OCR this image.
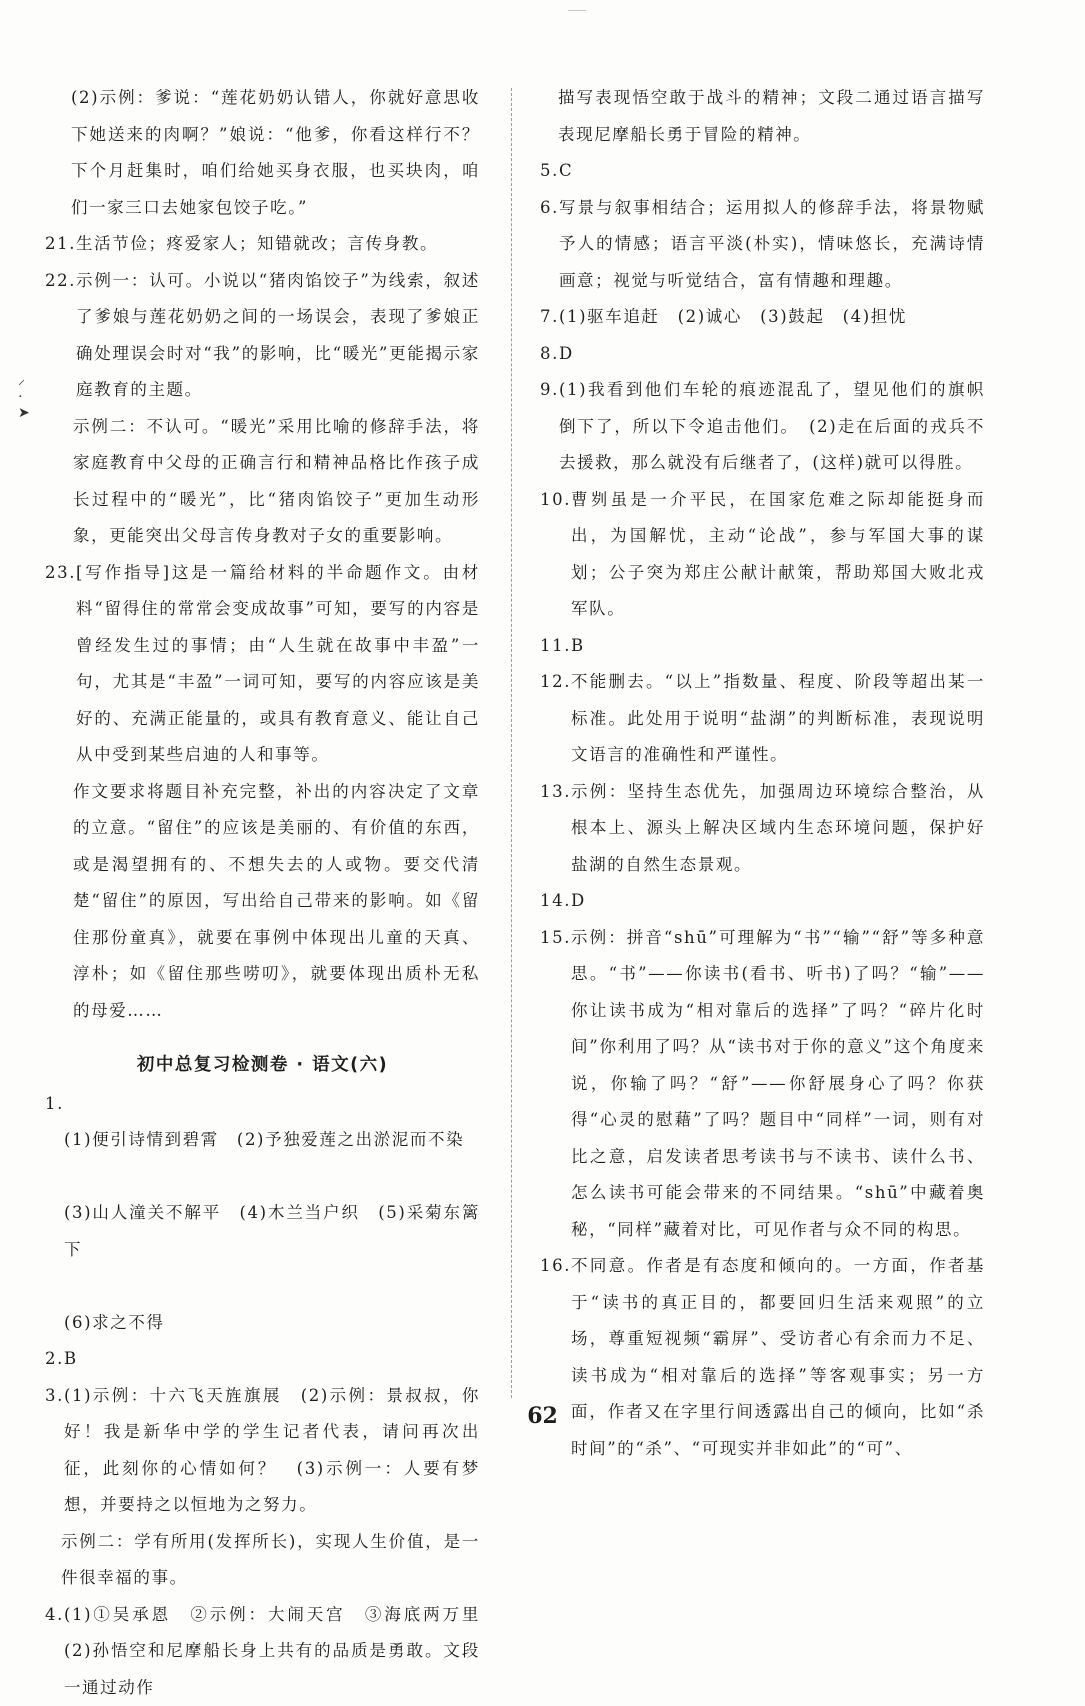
⸝
⋅
➤
(2)示例：爹说：“莲花奶奶认错人，你就好意思收下她送来的肉啊？”娘说：“他爹，你看这样行不？下个月赶集时，咱们给她买身衣服，也买块肉，咱们一家三口去她家包饺子吃。”
21. 生活节俭；疼爱家人；知错就改；言传身教。
22. 示例一：认可。小说以“猪肉馅饺子”为线索，叙述了爹娘与莲花奶奶之间的一场误会，表现了爹娘正确处理误会时对“我”的影响，比“暖光”更能揭示家庭教育的主题。
示例二：不认可。“暖光”采用比喻的修辞手法，将家庭教育中父母的正确言行和精神品格比作孩子成长过程中的“暖光”，比“猪肉馅饺子”更加生动形象，更能突出父母言传身教对子女的重要影响。
23. [写作指导]这是一篇给材料的半命题作文。由材料“留得住的常常会变成故事”可知，要写的内容是曾经发生过的事情；由“人生就在故事中丰盈”一句，尤其是“丰盈”一词可知，要写的内容应该是美好的、充满正能量的，或具有教育意义、能让自己从中受到某些启迪的人和事等。
作文要求将题目补充完整，补出的内容决定了文章的立意。“留住”的应该是美丽的、有价值的东西，或是渴望拥有的、不想失去的人或物。要交代清楚“留住”的原因，写出给自己带来的影响。如《留住那份童真》，就要在事例中体现出儿童的天真、淳朴；如《留住那些唠叨》，就要体现出质朴无私的母爱……
初中总复习检测卷 · 语文(六)
1.

(1)便引诗情到碧霄　(2)予独爱莲之出淤泥而不染

(3)山人潼关不解平　(4)木兰当户织　(5)采菊东篱下

(6)求之不得

2. B
3. (1)示例：十六飞天旌旗展　(2)示例：景叔叔，你好！我是新华中学的学生记者代表，请问再次出征，此刻你的心情如何？　(3)示例一：人要有梦想，并要持之以恒地为之努力。
示例二：学有所用(发挥所长)，实现人生价值，是一件很幸福的事。
4. (1)①吴承恩　②示例：大闹天宫　③海底两万里　(2)孙悟空和尼摩船长身上共有的品质是勇敢。文段一通过动作
描写表现悟空敢于战斗的精神；文段二通过语言描写表现尼摩船长勇于冒险的精神。
5. C
6. 写景与叙事相结合；运用拟人的修辞手法，将景物赋予人的情感；语言平淡(朴实)，情味悠长，充满诗情画意；视觉与听觉结合，富有情趣和理趣。
7. (1)驱车追赶　(2)诚心　(3)鼓起　(4)担忧
8. D
9. (1)我看到他们车轮的痕迹混乱了，望见他们的旗帜倒下了，所以下令追击他们。　(2)走在后面的戎兵不去援救，那么就没有后继者了，(这样)就可以得胜。
10. 曹刿虽是一介平民，在国家危难之际却能挺身而出，为国解忧，主动“论战”，参与军国大事的谋划；公子突为郑庄公献计献策，帮助郑国大败北戎军队。
11. B
12. 不能删去。“以上”指数量、程度、阶段等超出某一标准。此处用于说明“盐湖”的判断标准，表现说明文语言的准确性和严谨性。
13. 示例：坚持生态优先，加强周边环境综合整治，从根本上、源头上解决区域内生态环境问题，保护好盐湖的自然生态景观。
14. D
15. 示例：拼音“shū”可理解为“书”“输”“舒”等多种意思。“书”——你读书(看书、听书)了吗？“输”——你让读书成为“相对靠后的选择”了吗？“碎片化时间”你利用了吗？从“读书对于你的意义”这个角度来说，你输了吗？“舒”——你舒展身心了吗？你获得“心灵的慰藉”了吗？题目中“同样”一词，则有对比之意，启发读者思考读书与不读书、读什么书、怎么读书可能会带来的不同结果。“shū”中藏着奥秘，“同样”藏着对比，可见作者与众不同的构思。
16. 不同意。作者是有态度和倾向的。一方面，作者基于“读书的真正目的，都要回归生活来观照”的立场，尊重短视频“霸屏”、受访者心有余而力不足、读书成为“相对靠后的选择”等客观事实；另一方面，作者又在字里行间透露出自己的倾向，比如“杀时间”的“杀”、“可现实并非如此”的“可”、
62
